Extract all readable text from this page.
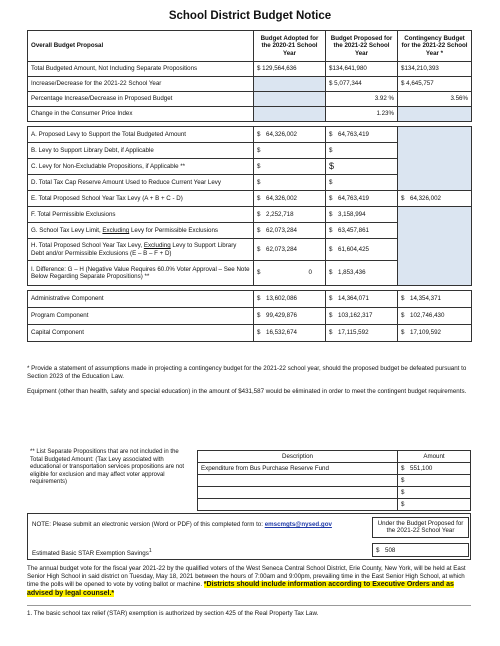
School District Budget Notice
Overall Budget Proposal	Budget Adopted for the 2020-21 School Year	Budget Proposed for the 2021-22 School Year	Contingency Budget for the 2021-22 School Year *
Total Budgeted Amount, Not Including Separate Propositions	$ 129,564,636	$134,641,980	$134,210,393
Increase/Decrease for the 2021-22 School Year		$ 5,077,344	$ 4,645,757
Percentage Increase/Decrease in Proposed Budget		3.92 %	3.56%
Change in the Consumer Price Index		1.23%	

A. Proposed Levy to Support the Total Budgeted Amount	$ 64,326,002	$ 64,763,419	
B. Levy to Support Library Debt, if Applicable	$	$	
C. Levy for Non-Excludable Propositions, if Applicable **	$	$	
D. Total Tax Cap Reserve Amount Used to Reduce Current Year Levy	$	$	
E. Total Proposed School Year Tax Levy (A + B + C - D)	$ 64,326,002	$ 64,763,419	$ 64,326,002
F. Total Permissible Exclusions	$ 2,252,718	$ 3,158,994	
G. School Tax Levy Limit, Excluding Levy for Permissible Exclusions	$ 62,073,284	$ 63,457,861	
H. Total Proposed School Year Tax Levy, Excluding Levy to Support Library Debt and/or Permissible Exclusions (E – B – F + D)	$ 62,073,284	$ 61,604,425	
I. Difference: G – H (Negative Value Requires 60.0% Voter Approval – See Note Below Regarding Separate Propositions) **	$ 0	$ 1,853,436	

Administrative Component	$ 13,602,086	$ 14,364,071	$ 14,354,371
Program Component	$ 99,429,876	$ 103,162,317	$ 102,746,430
Capital Component	$ 16,532,674	$ 17,115,592	$ 17,109,592

* Provide a statement of assumptions made in projecting a contingency budget for the 2021-22 school year, should the proposed budget be defeated pursuant to Section 2023 of the Education Law.

Equipment (other than health, safety and special education) in the amount of $431,587 would be eliminated in order to meet the contingent budget requirements.

** List Separate Propositions that are not included in the Total Budgeted Amount: (Tax Levy associated with educational or transportation services propositions are not eligible for exclusion and may affect voter approval requirements)
Description	Amount
Expenditure from Bus Purchase Reserve Fund	$ 551,100
	$
	$
	$
NOTE: Please submit an electronic version (Word or PDF) of this completed form to: emscmgts@nysed.gov	Under the Budget Proposed for the 2021-22 School Year
Estimated Basic STAR Exemption Savings$^1$	$ 508
The annual budget vote for the fiscal year 2021-22 by the qualified voters of the West Seneca Central School District, Erie County, New York, will be held at East Senior High School in said district on Tuesday, May 18, 2021 between the hours of 7:00am and 9:00pm, prevailing time in the East Senior High School, at which time the polls will be opened to vote by voting ballot or machine. *Districts should include information according to Executive Orders and as advised by legal counsel.*
1. The basic school tax relief (STAR) exemption is authorized by section 425 of the Real Property Tax Law.
